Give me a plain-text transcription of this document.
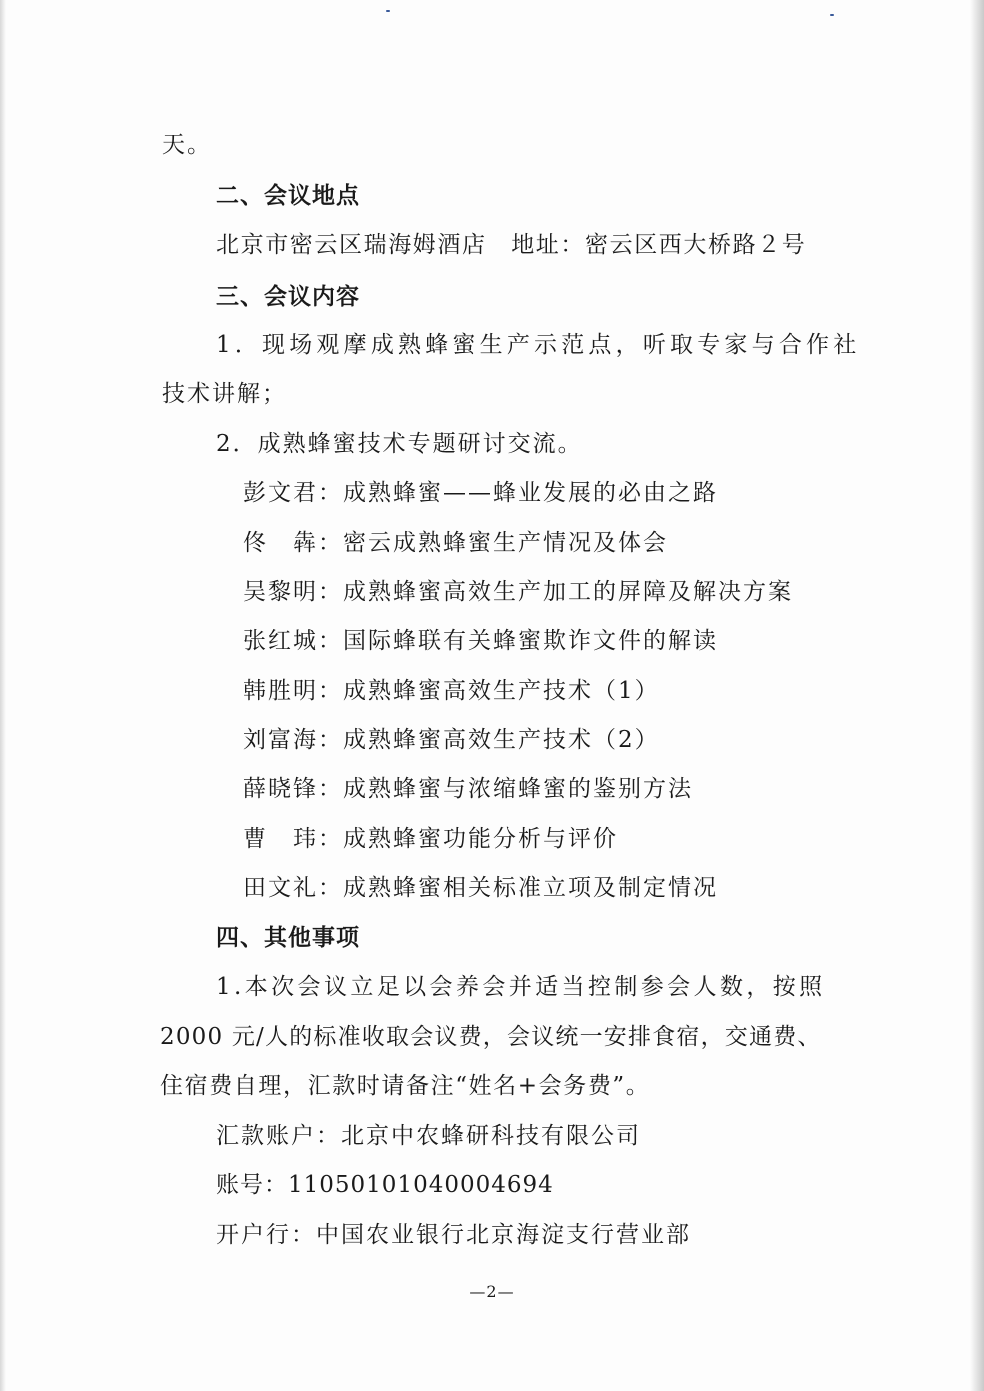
天。
二、会议地点
北京市密云区瑞海姆酒店　地址：密云区西大桥路２号
三、会议内容
1．现场观摩成熟蜂蜜生产示范点，听取专家与合作社
技术讲解；
2．成熟蜂蜜技术专题研讨交流。
彭文君：成熟蜂蜜——蜂业发展的必由之路
佟　犇：密云成熟蜂蜜生产情况及体会
吴黎明：成熟蜂蜜高效生产加工的屏障及解决方案
张红城：国际蜂联有关蜂蜜欺诈文件的解读
韩胜明：成熟蜂蜜高效生产技术（1）
刘富海：成熟蜂蜜高效生产技术（2）
薛晓锋：成熟蜂蜜与浓缩蜂蜜的鉴别方法
曹　玮：成熟蜂蜜功能分析与评价
田文礼：成熟蜂蜜相关标准立项及制定情况
四、其他事项
1.本次会议立足以会养会并适当控制参会人数，按照
2000 元/人的标准收取会议费，会议统一安排食宿，交通费、
住宿费自理，汇款时请备注“姓名+会务费”。
汇款账户：北京中农蜂研科技有限公司
账号：11050101040004694
开户行：中国农业银行北京海淀支行营业部
—2—
